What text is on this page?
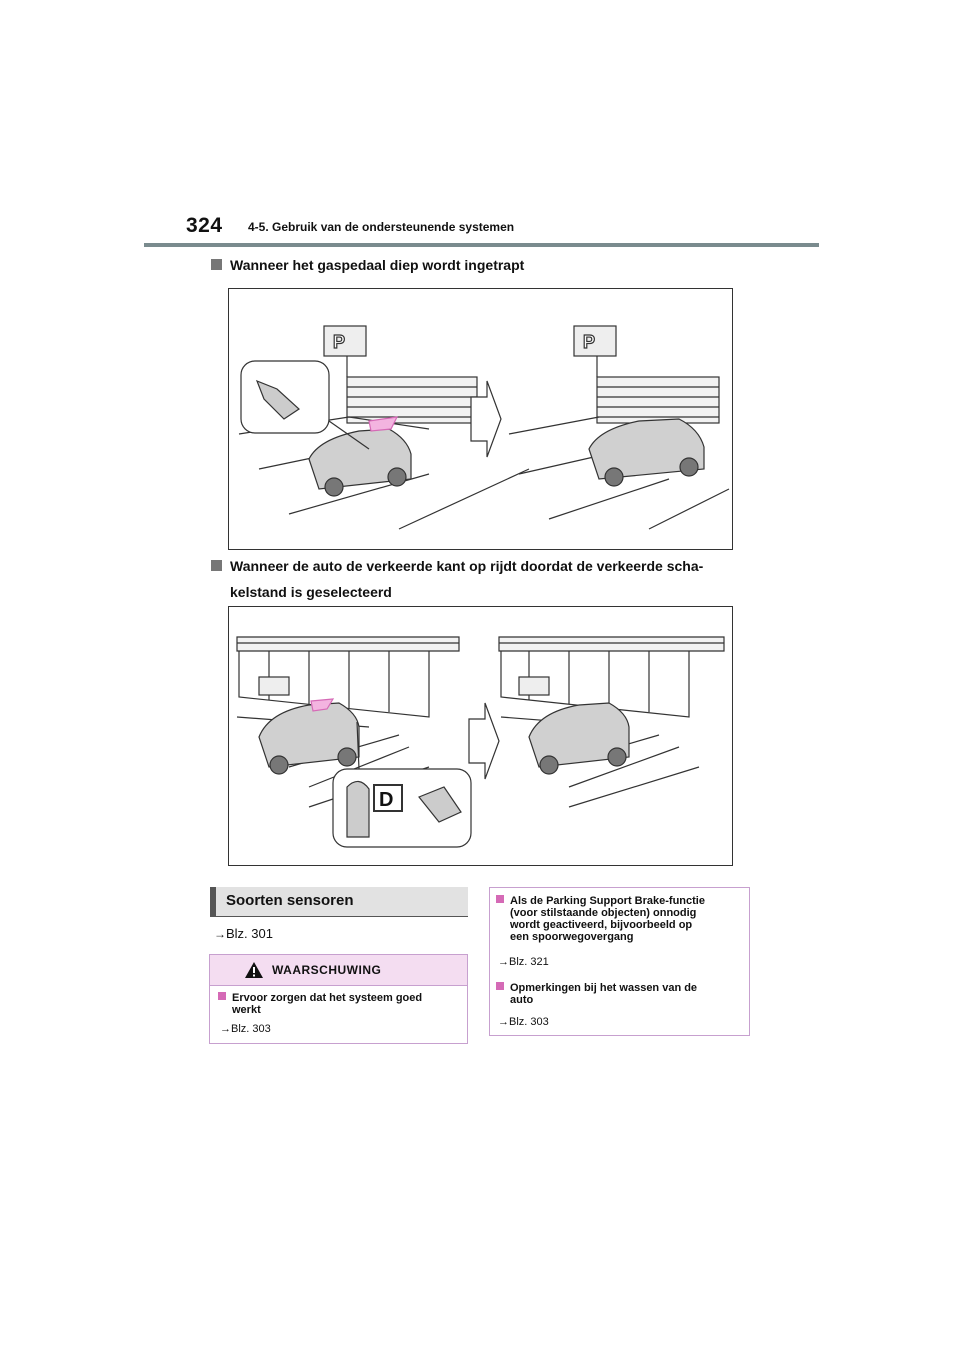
324 4-5. Gebruik van de ondersteunende systemen
Wanneer het gaspedaal diep wordt ingetrapt
P	P
Wanneer de auto de verkeerde kant op rijdt doordat de verkeerde scha-
kelstand is geselecteerd
D
Soorten sensoren
→Blz. 301
WAARSCHUWING
Ervoor zorgen dat het systeem goed
werkt
→Blz. 303
Als de Parking Support Brake-functie
(voor stilstaande objecten) onnodig
wordt geactiveerd, bijvoorbeeld op
een spoorwegovergang
→Blz. 321
Opmerkingen bij het wassen van de
auto
→Blz. 303
